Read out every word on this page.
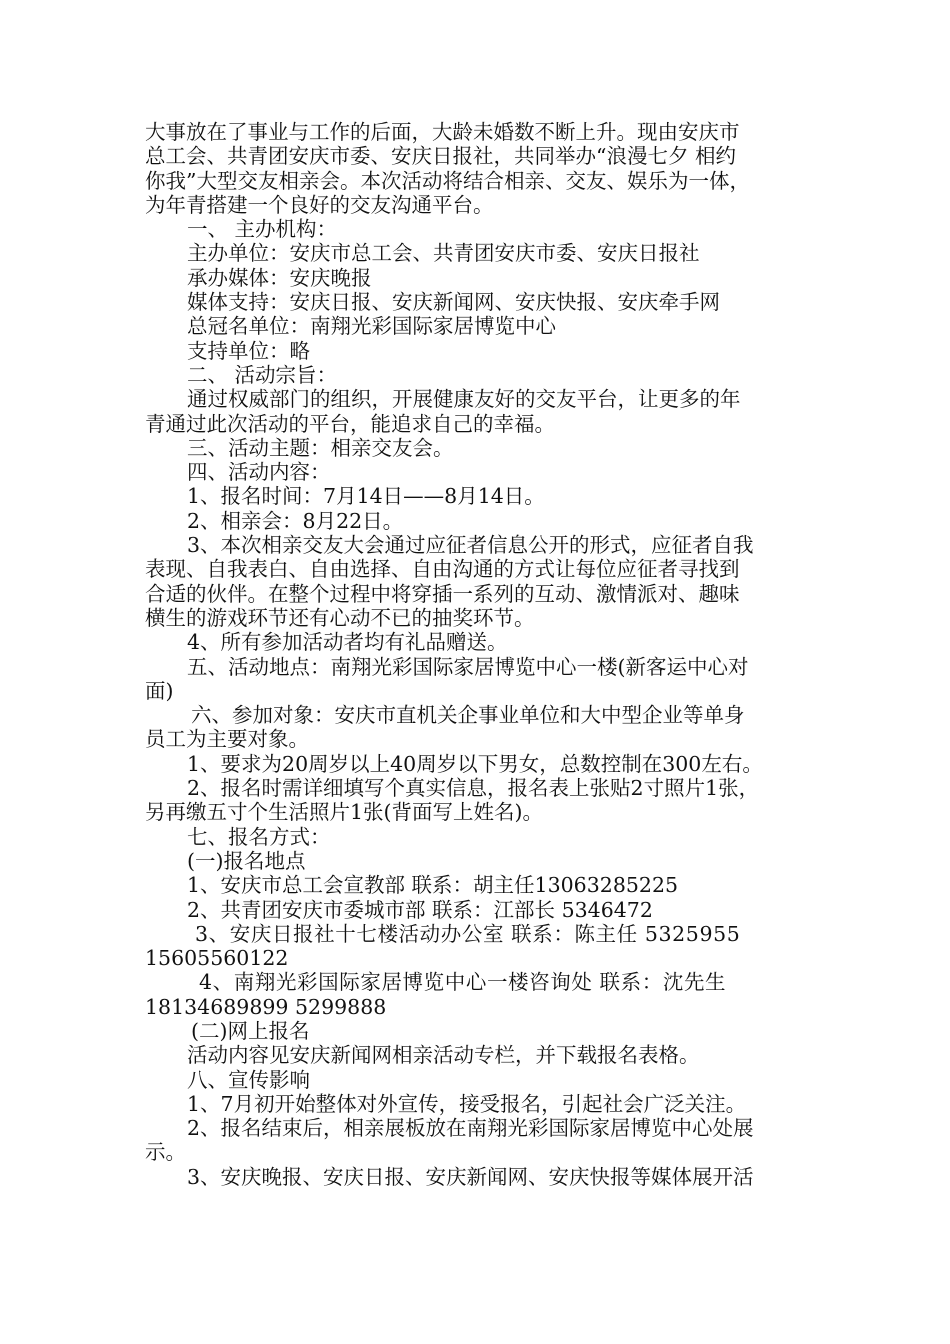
大事放在了事业与工作的后面，大龄未婚数不断上升。现由安庆市

总工会、共青团安庆市委、安庆日报社，共同举办“浪漫七夕 相约

你我”大型交友相亲会。本次活动将结合相亲、交友、娱乐为一体，

为年青搭建一个良好的交友沟通平台。

一、 主办机构：

主办单位：安庆市总工会、共青团安庆市委、安庆日报社

承办媒体：安庆晚报

媒体支持：安庆日报、安庆新闻网、安庆快报、安庆牵手网

总冠名单位：南翔光彩国际家居博览中心

支持单位：略

二、 活动宗旨：

通过权威部门的组织，开展健康友好的交友平台，让更多的年

青通过此次活动的平台，能追求自己的幸福。

三、活动主题：相亲交友会。

四、活动内容：

1、报名时间：7月14日——8月14日。

2、相亲会：8月22日。

3、本次相亲交友大会通过应征者信息公开的形式，应征者自我

表现、自我表白、自由选择、自由沟通的方式让每位应征者寻找到

合适的伙伴。在整个过程中将穿插一系列的互动、激情派对、趣味

横生的游戏环节还有心动不已的抽奖环节。

4、所有参加活动者均有礼品赠送。

五、活动地点：南翔光彩国际家居博览中心一楼(新客运中心对

面)

六、参加对象：安庆市直机关企事业单位和大中型企业等单身

员工为主要对象。

1、要求为20周岁以上40周岁以下男女，总数控制在300左右。

2、报名时需详细填写个真实信息，报名表上张贴2寸照片1张，

另再缴五寸个生活照片1张(背面写上姓名)。

七、报名方式：

(一)报名地点

1、安庆市总工会宣教部 联系：胡主任13063285225

2、共青团安庆市委城市部 联系：江部长 5346472

3、安庆日报社十七楼活动办公室 联系：陈主任 5325955

15605560122

4、南翔光彩国际家居博览中心一楼咨询处 联系：沈先生

18134689899 5299888

(二)网上报名

活动内容见安庆新闻网相亲活动专栏，并下载报名表格。

八、宣传影响

1、7月初开始整体对外宣传，接受报名，引起社会广泛关注。

2、报名结束后，相亲展板放在南翔光彩国际家居博览中心处展

示。

3、安庆晚报、安庆日报、安庆新闻网、安庆快报等媒体展开活
